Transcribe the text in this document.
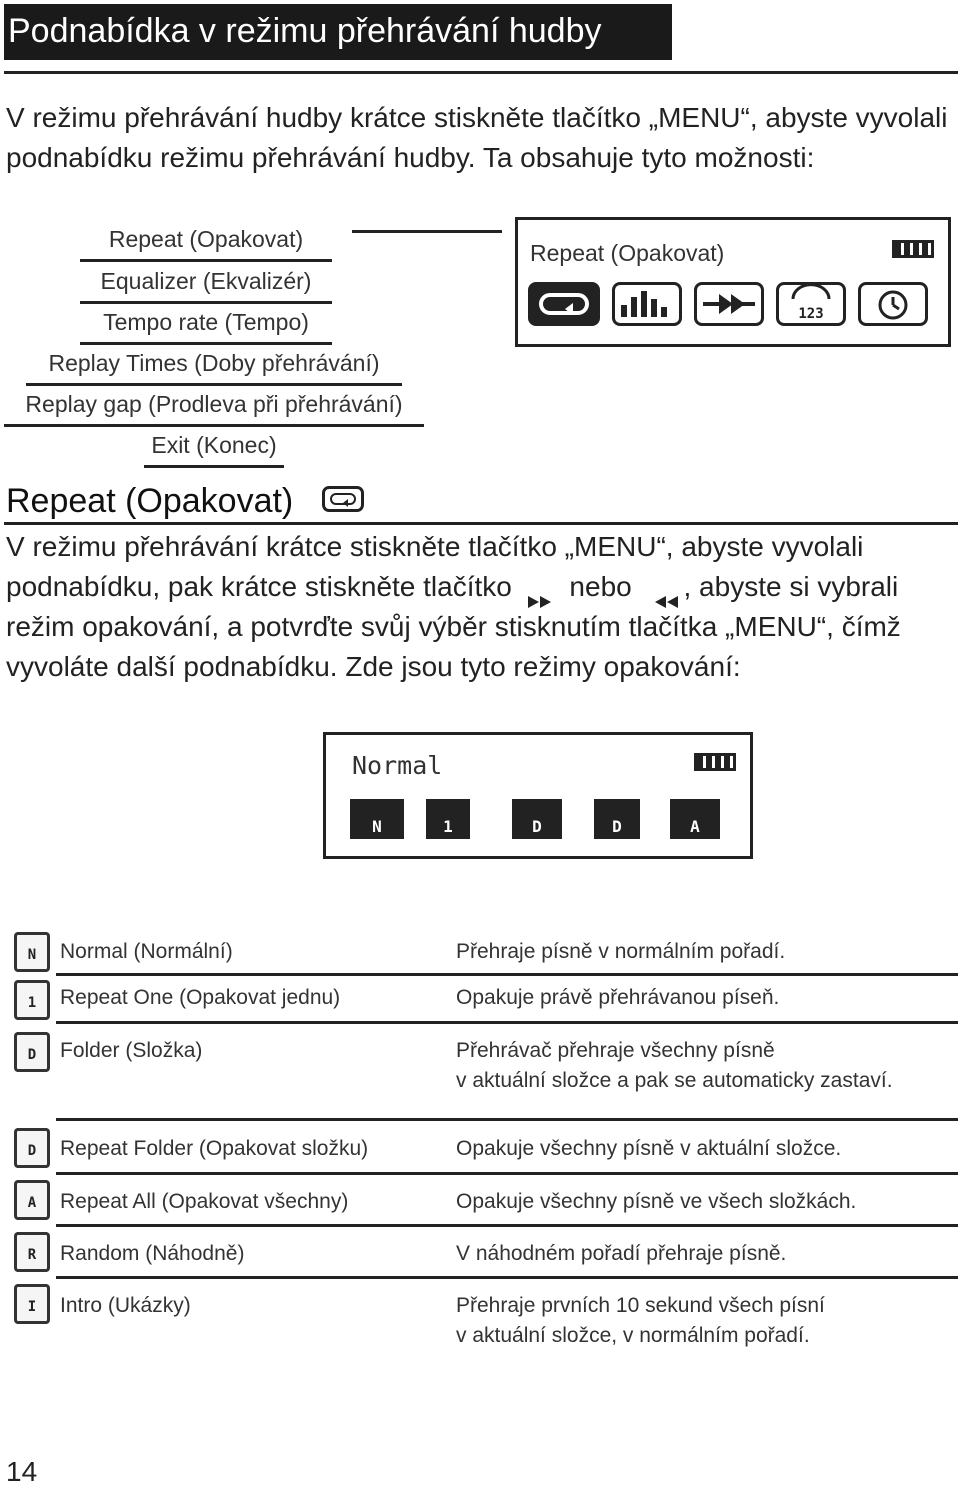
Podnabídka v režimu přehrávání hudby
V režimu přehrávání hudby krátce stiskněte tlačítko „MENU“, abyste vyvolali podnabídku režimu přehrávání hudby. Ta obsahuje tyto možnosti:
Repeat (Opakovat)
Equalizer (Ekvalizér)
Tempo rate (Tempo)
Replay Times (Doby přehrávání)
Replay gap (Prodleva při přehrávání)
Exit (Konec)
Repeat (Opakovat)
123
Repeat (Opakovat)
V režimu přehrávání krátce stiskněte tlačítko „MENU“, abyste vyvolali podnabídku, pak krátce stiskněte tlačítko nebo , abyste si vybrali režim opakování, a potvrďte svůj výběr stisknutím tlačítka „MENU“, čímž vyvoláte další podnabídku. Zde jsou tyto režimy opakování:
Normal
N	1	D	D	A
N	Normal (Normální)	Přehraje písně v normálním pořadí.
1	Repeat One (Opakovat jednu)	Opakuje právě přehrávanou píseň.
D	Folder (Složka)	Přehrávač přehraje všechny písně
v aktuální složce a pak se automaticky zastaví.
D	Repeat Folder (Opakovat složku)	Opakuje všechny písně v aktuální složce.
A	Repeat All (Opakovat všechny)	Opakuje všechny písně ve všech složkách.
R	Random (Náhodně)	V náhodném pořadí přehraje písně.
I	Intro (Ukázky)	Přehraje prvních 10 sekund všech písní
v aktuální složce, v normálním pořadí.
14
